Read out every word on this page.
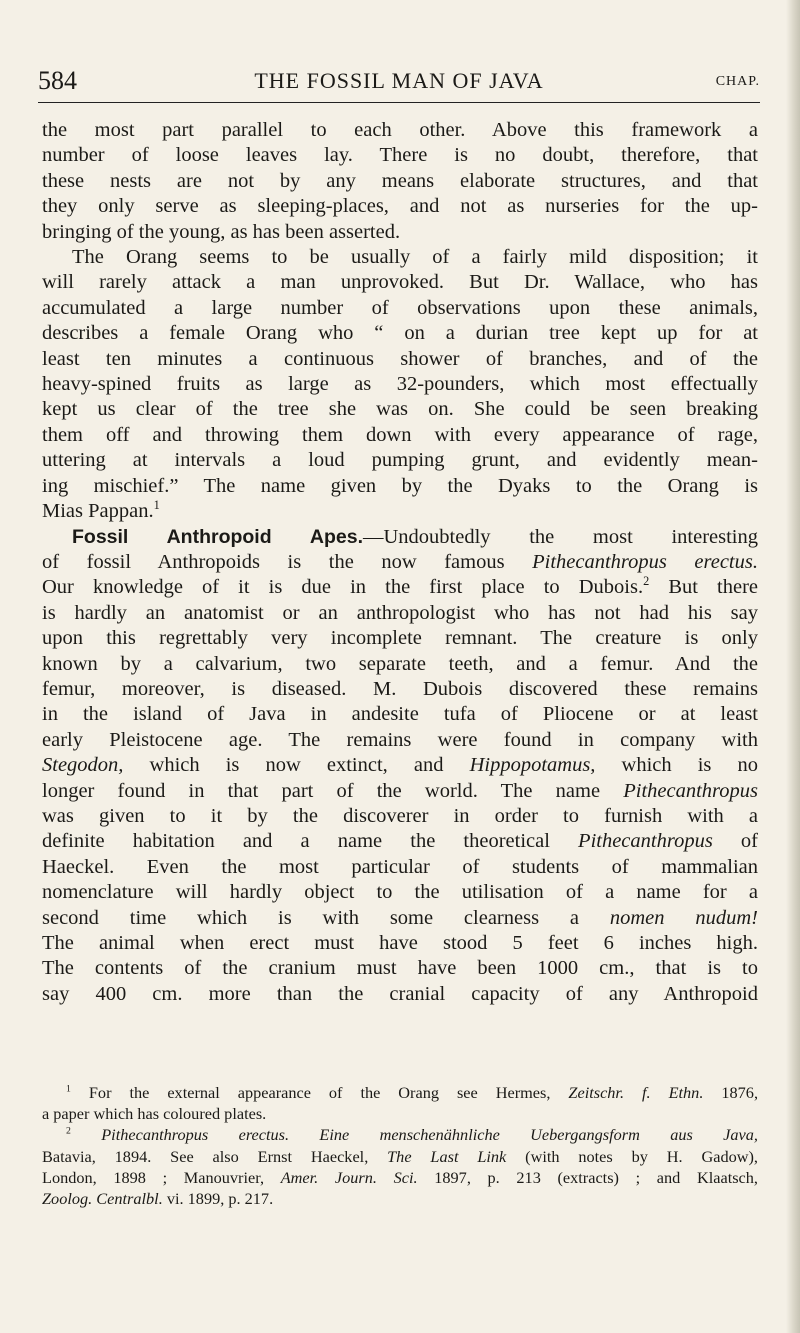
584	THE FOSSIL MAN OF JAVA	CHAP.
the most part parallel to each other. Above this framework a
number of loose leaves lay. There is no doubt, therefore, that
these nests are not by any means elaborate structures, and that
they only serve as sleeping-places, and not as nurseries for the up-
bringing of the young, as has been asserted.
The Orang seems to be usually of a fairly mild disposition; it
will rarely attack a man unprovoked. But Dr. Wallace, who has
accumulated a large number of observations upon these animals,
describes a female Orang who “ on a durian tree kept up for at
least ten minutes a continuous shower of branches, and of the
heavy-spined fruits as large as 32-pounders, which most effectually
kept us clear of the tree she was on. She could be seen breaking
them off and throwing them down with every appearance of rage,
uttering at intervals a loud pumping grunt, and evidently mean-
ing mischief.” The name given by the Dyaks to the Orang is
Mias Pappan.$^1$
Fossil Anthropoid Apes.—Undoubtedly the most interesting
of fossil Anthropoids is the now famous Pithecanthropus erectus.
Our knowledge of it is due in the first place to Dubois.$^2$ But there
is hardly an anatomist or an anthropologist who has not had his say
upon this regrettably very incomplete remnant. The creature is only
known by a calvarium, two separate teeth, and a femur. And the
femur, moreover, is diseased. M. Dubois discovered these remains
in the island of Java in andesite tufa of Pliocene or at least
early Pleistocene age. The remains were found in company with
Stegodon, which is now extinct, and Hippopotamus, which is no
longer found in that part of the world. The name Pithecanthropus
was given to it by the discoverer in order to furnish with a
definite habitation and a name the theoretical Pithecanthropus of
Haeckel. Even the most particular of students of mammalian
nomenclature will hardly object to the utilisation of a name for a
second time which is with some clearness a nomen nudum!
The animal when erect must have stood 5 feet 6 inches high.
The contents of the cranium must have been 1000 cm., that is to
say 400 cm. more than the cranial capacity of any Anthropoid
$^1$ For the external appearance of the Orang see Hermes, Zeitschr. f. Ethn. 1876,
a paper which has coloured plates.
$^2$ Pithecanthropus erectus. Eine menschenähnliche Uebergangsform aus Java,
Batavia, 1894. See also Ernst Haeckel, The Last Link (with notes by H. Gadow),
London, 1898 ; Manouvrier, Amer. Journ. Sci. 1897, p. 213 (extracts) ; and Klaatsch,
Zoolog. Centralbl. vi. 1899, p. 217.
